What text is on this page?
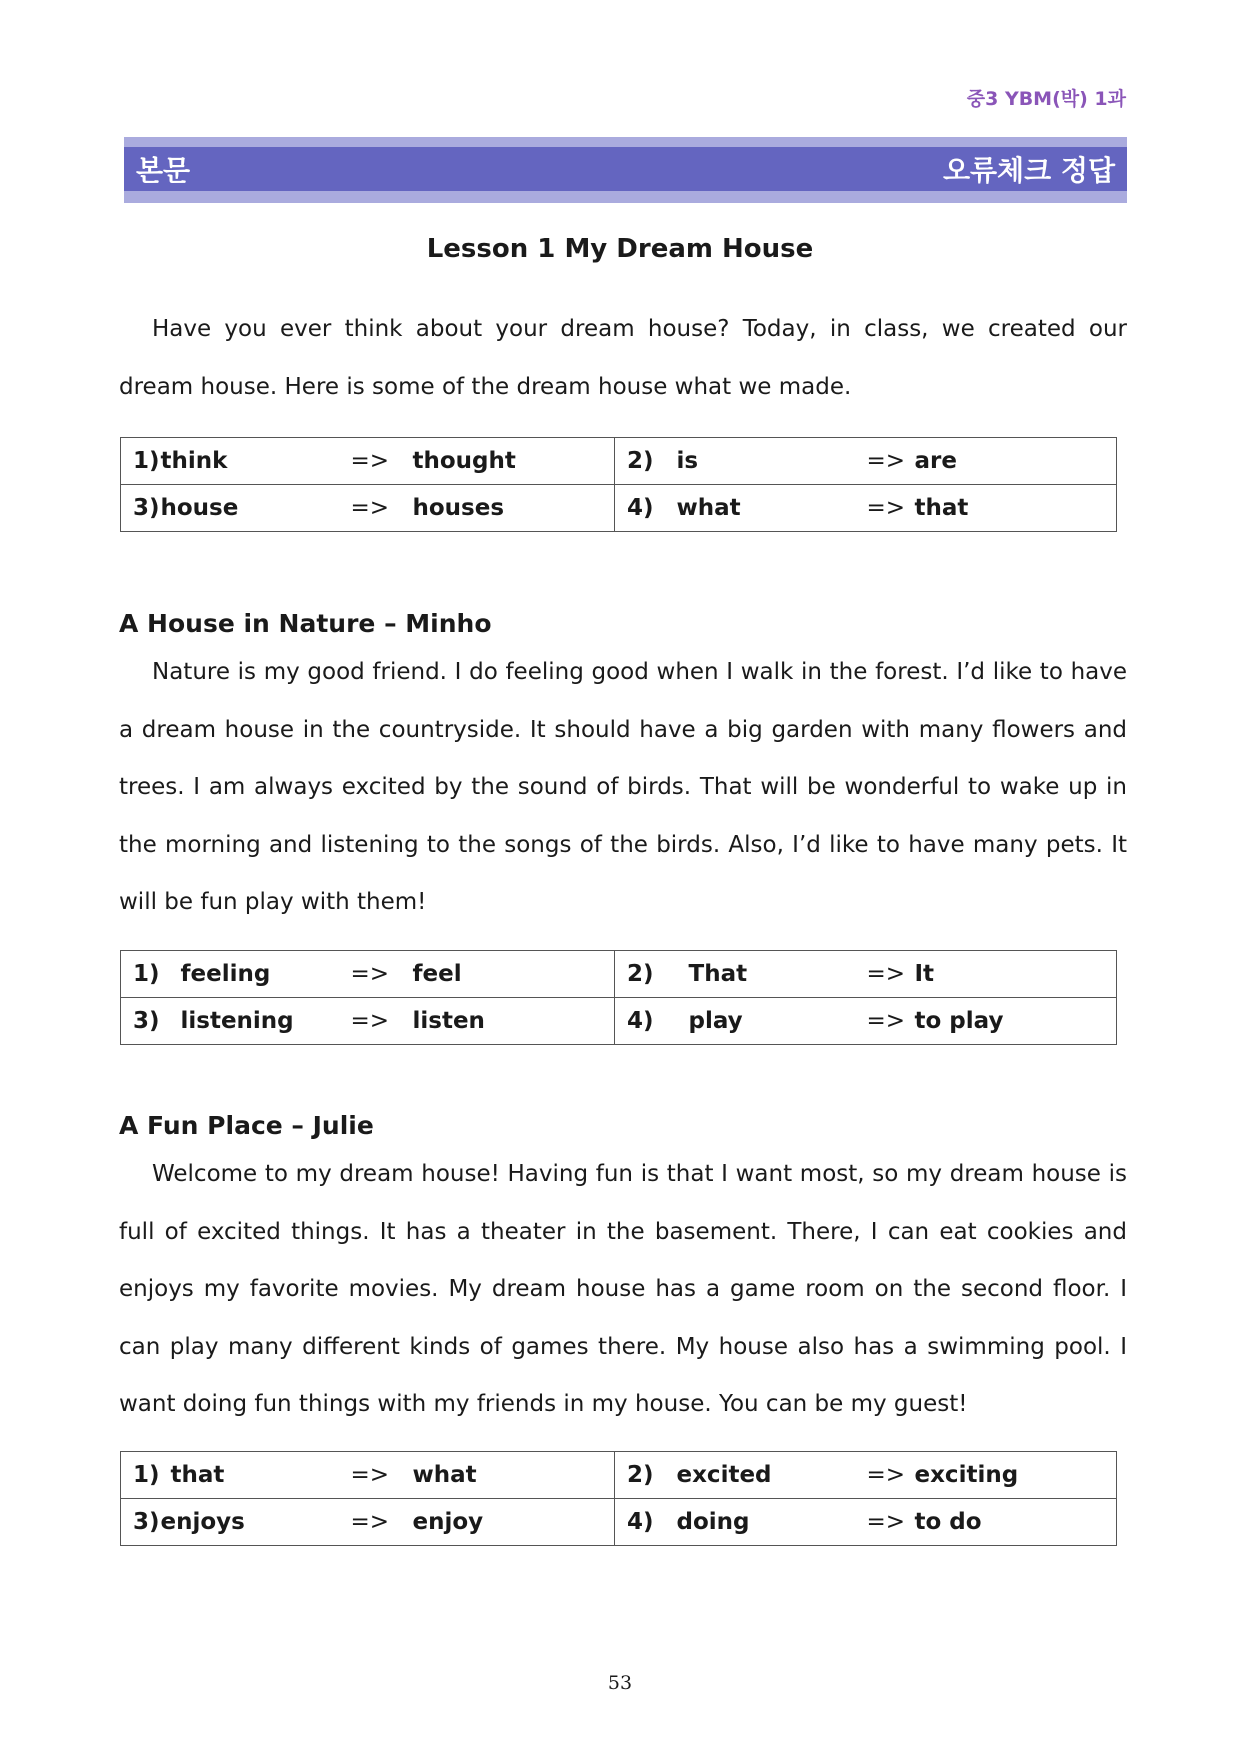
중3 YBM(박) 1과
본문	오류체크 정답
Lesson 1 My Dream House

Have you ever think about your dream house? Today, in class, we created our dream house. Here is some of the dream house what we made.

1)	think	=>	thought	2)	is	=>	are
3)	house	=>	houses	4)	what	=>	that
A House in Nature – Minho

Nature is my good friend. I do feeling good when I walk in the forest. I’d like to have a dream house in the countryside. It should have a big garden with many flowers and trees. I am always excited by the sound of birds. That will be wonderful to wake up in the morning and listening to the songs of the birds. Also, I’d like to have many pets. It will be fun play with them!

1)	feeling	=>	feel	2)	That	=>	It
3)	listening	=>	listen	4)	play	=>	to play
A Fun Place – Julie

Welcome to my dream house! Having fun is that I want most, so my dream house is full of excited things. It has a theater in the basement. There, I can eat cookies and enjoys my favorite movies. My dream house has a game room on the second floor. I can play many different kinds of games there. My house also has a swimming pool. I want doing fun things with my friends in my house. You can be my guest!

1)	that	=>	what	2)	excited	=>	exciting
3)	enjoys	=>	enjoy	4)	doing	=>	to do
53
